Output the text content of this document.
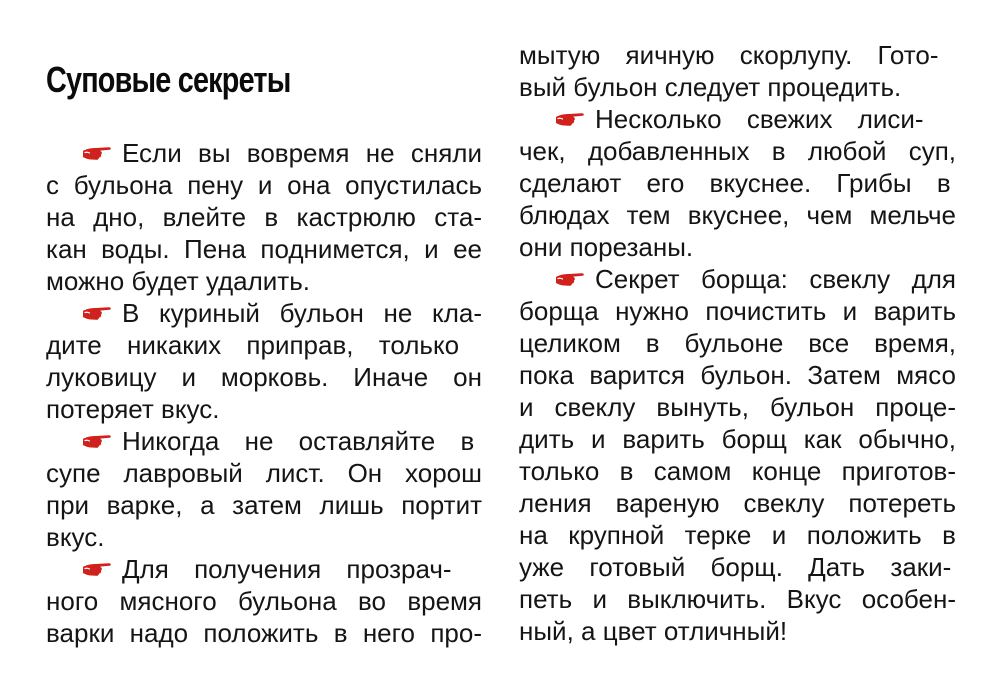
Суповые секреты
Если вы вовремя не сняли
с бульона пену и она опустилась
на дно, влейте в кастрюлю ста-
кан воды. Пена поднимется, и ее
можно будет удалить.
В куриный бульон не кла-
дите никаких приправ, только
луковицу и морковь. Иначе он
потеряет вкус.
Никогда не оставляйте в
супе лавровый лист. Он хорош
при варке, а затем лишь портит
вкус.
Для получения прозрач-
ного мясного бульона во время
варки надо положить в него про-
мытую яичную скорлупу. Гото-
вый бульон следует процедить.
Несколько свежих лиси-
чек, добавленных в любой суп,
сделают его вкуснее. Грибы в
блюдах тем вкуснее, чем мельче
они порезаны.
Секрет борща: свеклу для
борща нужно почистить и варить
целиком в бульоне все время,
пока варится бульон. Затем мясо
и свеклу вынуть, бульон проце-
дить и варить борщ как обычно,
только в самом конце приготов-
ления вареную свеклу потереть
на крупной терке и положить в
уже готовый борщ. Дать заки-
петь и выключить. Вкус особен-
ный, а цвет отличный!
